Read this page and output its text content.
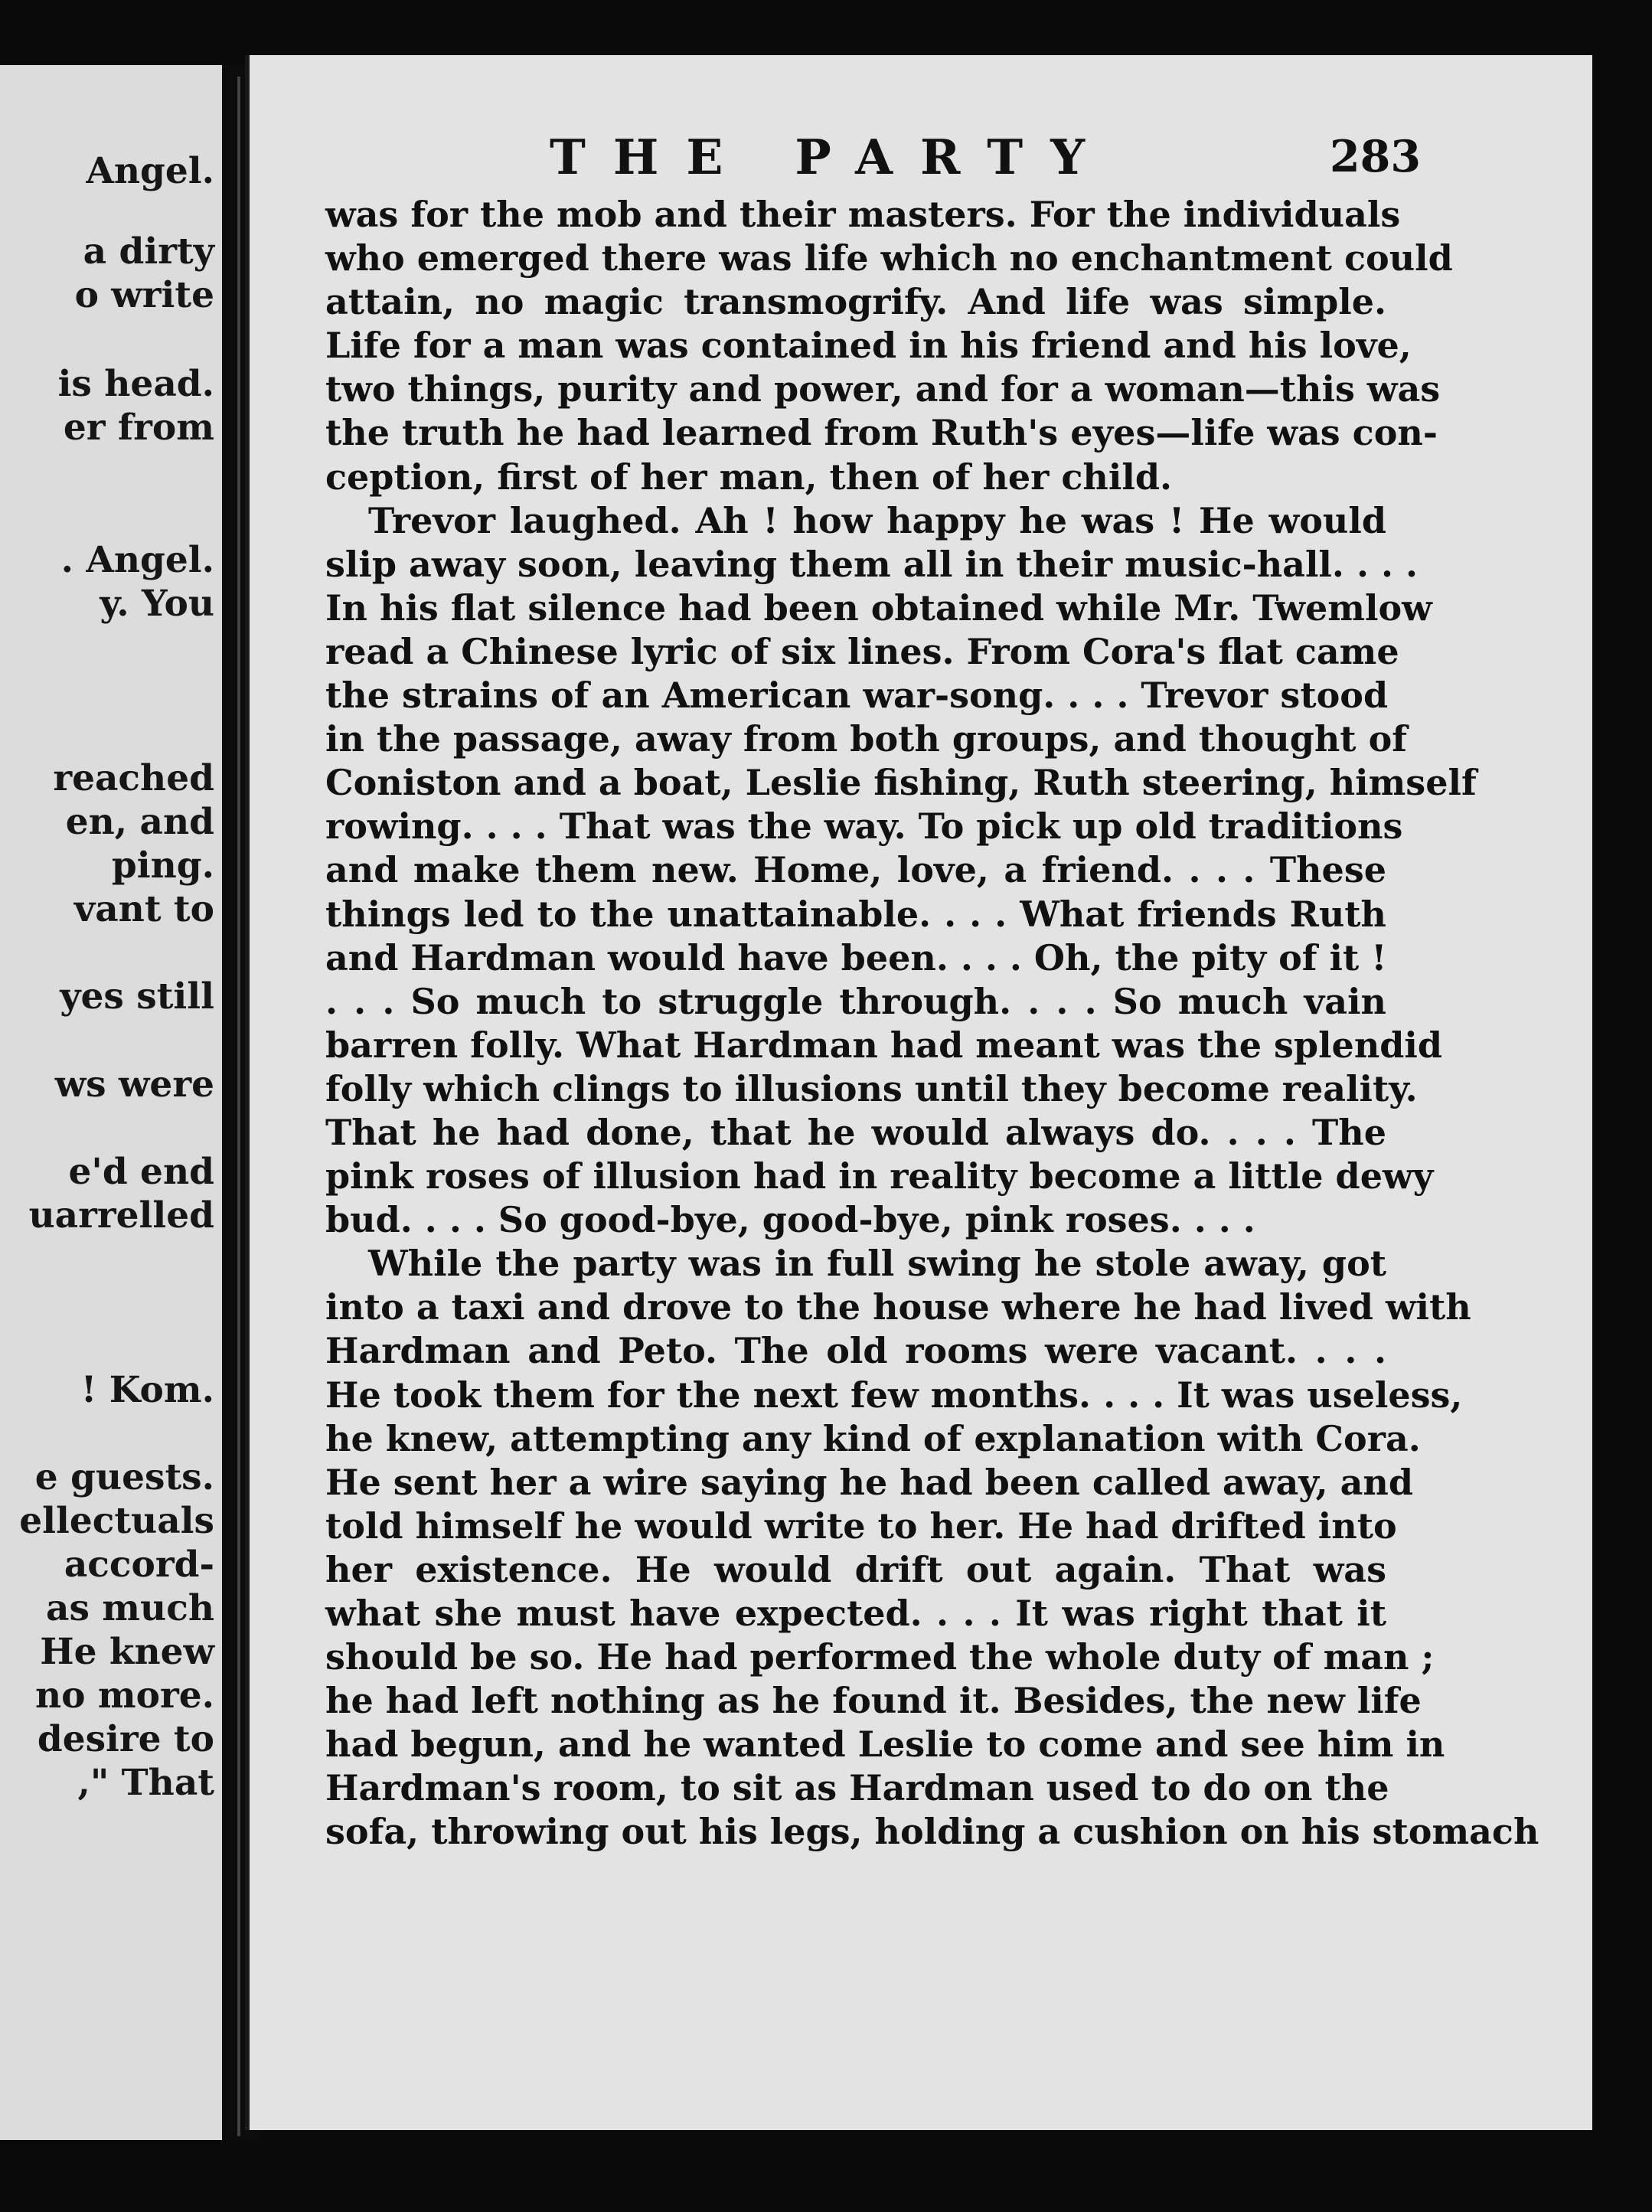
Angel.
a dirty
o write
is head.
er from
. Angel.
y. You
reached
en, and
ping.
vant to
yes still
ws were
e'd end
uarrelled
! Kom.
e guests.
ellectuals
accord-
as much
He knew
no more.
desire to
," That
THE PARTY	283
was for the mob and their masters. For the individuals
who emerged there was life which no enchantment could
attain, no magic transmogrify. And life was simple.
Life for a man was contained in his friend and his love,
two things, purity and power, and for a woman—this was
the truth he had learned from Ruth's eyes—life was con-
ception, first of her man, then of her child.
Trevor laughed. Ah ! how happy he was ! He would
slip away soon, leaving them all in their music-hall. . . .
In his flat silence had been obtained while Mr. Twemlow
read a Chinese lyric of six lines. From Cora's flat came
the strains of an American war-song. . . . Trevor stood
in the passage, away from both groups, and thought of
Coniston and a boat, Leslie fishing, Ruth steering, himself
rowing. . . . That was the way. To pick up old traditions
and make them new. Home, love, a friend. . . . These
things led to the unattainable. . . . What friends Ruth
and Hardman would have been. . . . Oh, the pity of it !
. . . So much to struggle through. . . . So much vain
barren folly. What Hardman had meant was the splendid
folly which clings to illusions until they become reality.
That he had done, that he would always do. . . . The
pink roses of illusion had in reality become a little dewy
bud. . . . So good-bye, good-bye, pink roses. . . .
While the party was in full swing he stole away, got
into a taxi and drove to the house where he had lived with
Hardman and Peto. The old rooms were vacant. . . .
He took them for the next few months. . . . It was useless,
he knew, attempting any kind of explanation with Cora.
He sent her a wire saying he had been called away, and
told himself he would write to her. He had drifted into
her existence. He would drift out again. That was
what she must have expected. . . . It was right that it
should be so. He had performed the whole duty of man ;
he had left nothing as he found it. Besides, the new life
had begun, and he wanted Leslie to come and see him in
Hardman's room, to sit as Hardman used to do on the
sofa, throwing out his legs, holding a cushion on his stomach
